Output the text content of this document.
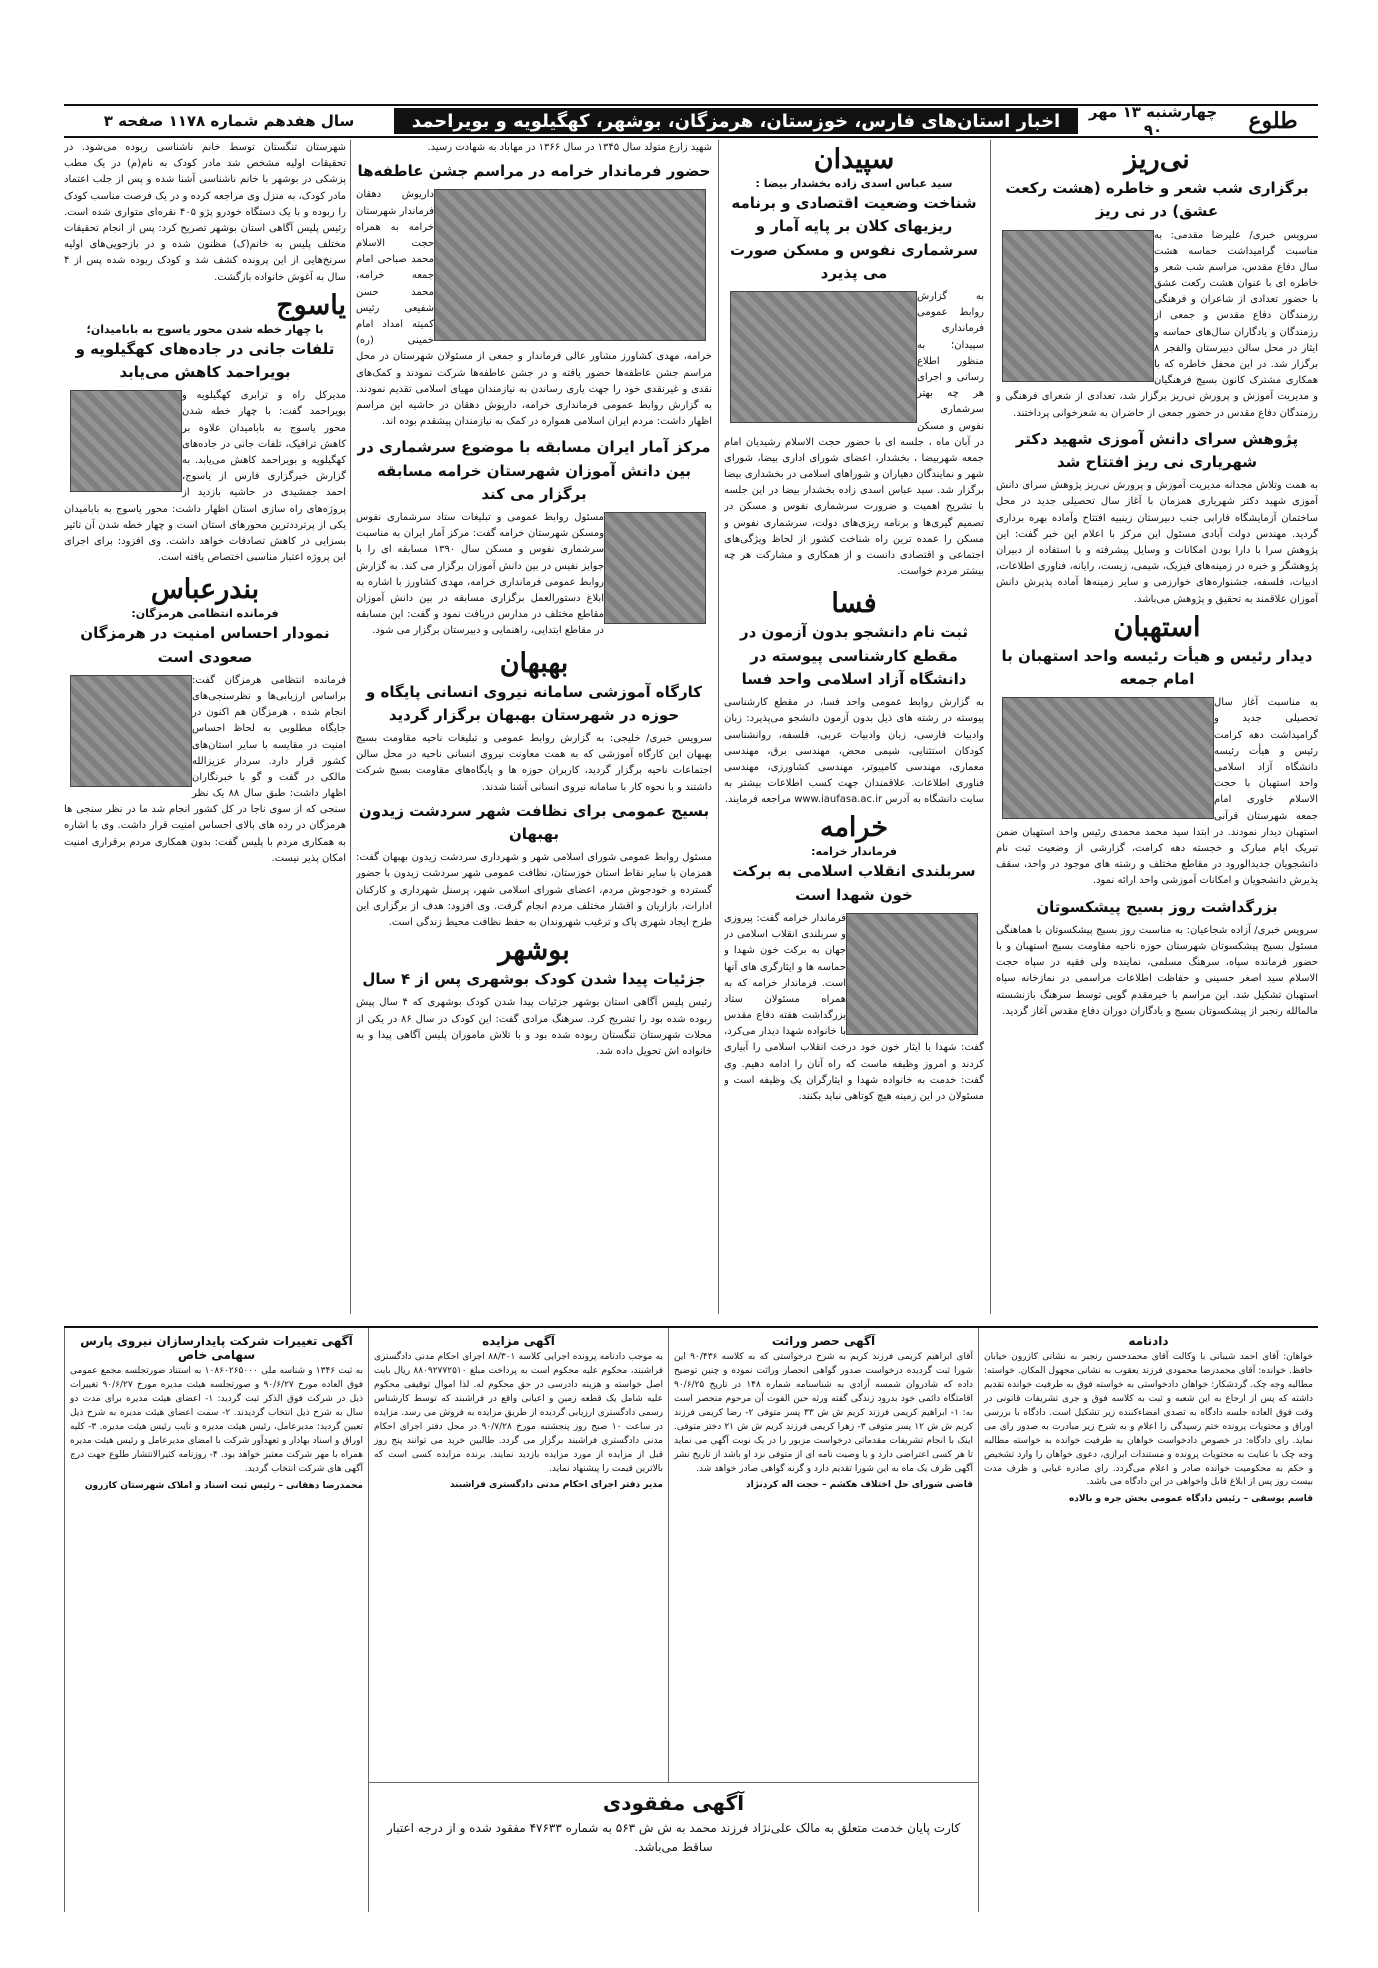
طلوع
چهارشنبه ۱۳ مهر ۹۰
اخبار استان‌های فارس، خوزستان، هرمزگان، بوشهر، کهگیلویه و بویراحمد
سال هفدهم شماره ۱۱۷۸ صفحه ۳
نی‌ریز
برگزاری شب شعر و خاطره (هشت رکعت عشق) در نی ریز

سرویس خبری/ علیرضا مقدمی: به مناسبت گرامیداشت حماسه هشت سال دفاع مقدس، مراسم شب شعر و خاطره ای با عنوان هشت رکعت عشق با حضور تعدادی از شاعران و فرهنگی رزمندگان دفاع مقدس و جمعی از رزمندگان و یادگاران سال‌های حماسه و ایثار در محل سالن دبیرستان والفجر ۸ برگزار شد. در این محفل خاطره که با همکاری مشترک کانون بسیج فرهنگیان و مدیریت آموزش و پرورش نی‌ریز برگزار شد، تعدادی از شعرای فرهنگی و رزمندگان دفاع مقدس در حضور جمعی از حاضران به شعرخوانی پرداختند.

پژوهش سرای دانش آموزی شهید دکتر شهریاری نی ریز افتتاح شد

به همت وتلاش مجدانه مدیریت آموزش و پرورش نی‌ریز پژوهش سرای دانش آموزی شهید دکتر شهریاری همزمان با آغاز سال تحصیلی جدید در محل ساختمان آزمایشگاه فارابی جنب دبیرستان زینبیه افتتاح وآماده بهره برداری گردید. مهندس دولت آبادی مسئول این مرکز با اعلام این خبر گفت: این پژوهش سرا با دارا بودن امکانات و وسایل پیشرفته و با استفاده از دبیران پژوهشگر و خبره در زمینه‌های فیزیک، شیمی، زیست، رایانه، فناوری اطلاعات، ادبیات، فلسفه، جشنواره‌های خوارزمی و سایر زمینه‌ها آماده پذیرش دانش آموزان علاقمند به تحقیق و پژوهش می‌باشد.

استهبان
دیدار رئیس و هیأت رئیسه واحد استهبان با امام جمعه

به مناسبت آغاز سال تحصیلی جدید و گرامیداشت دهه کرامت رئیس و هیأت رئیسه دانشگاه آزاد اسلامی واحد استهبان با حجت الاسلام خاوری امام جمعه شهرستان قرآنی استهبان دیدار نمودند. در ابتدا سید محمد محمدی رئیس واحد استهبان ضمن تبریک ایام مبارک و خجسته دهه کرامت، گزارشی از وضعیت ثبت نام دانشجویان جدیدالورود در مقاطع مختلف و رشته های موجود در واحد، سقف پذیرش دانشجویان و امکانات آموزشی واحد ارائه نمود.

بزرگداشت روز بسیج پیشکسوتان

سرویس خبری/ آزاده شجاعیان: به مناسبت روز بسیج پیشکسوتان با هماهنگی مسئول بسیج پیشکسوتان شهرستان حوزه ناحیه مقاومت بسیج استهبان و با حضور فرمانده سپاه، سرهنگ مسلمی، نماینده ولی فقیه در سپاه حجت الاسلام سید اصغر حسینی و حفاظت اطلاعات مراسمی در نمازخانه سپاه استهبان تشکیل شد. این مراسم با خیرمقدم گویی توسط سرهنگ بازنشسته مالمالله رنجبر از پیشکسوتان بسیج و یادگاران دوران دفاع مقدس آغاز گردید.

سپیدان
سید عباس اسدی زاده بخشدار بیضا :
شناخت وضعیت اقتصادی و برنامه ریزیهای کلان بر پایه آمار و سرشماری نفوس و مسکن صورت می پذیرد

به گزارش روابط عمومی فرمانداری سپیدان؛ به منظور اطلاع رسانی و اجرای هر چه بهتر سرشماری نفوس و مسکن در آبان ماه ، جلسه ای با حضور حجت الاسلام رشیدیان امام جمعه شهربیضا ، بخشدار، اعضای شورای اداری بیضا، شورای شهر و نمایندگان دهیاران و شوراهای اسلامی در بخشداری بیضا برگزار شد. سید عباس اسدی زاده بخشدار بیضا در این جلسه با تشریح اهمیت و ضرورت سرشماری نفوس و مسکن در تصمیم گیری‌ها و برنامه ریزی‌های دولت، سرشماری نفوس و مسکن را عمده ترین راه شناخت کشور از لحاظ ویژگی‌های اجتماعی و اقتصادی دانست و از همکاری و مشارکت هر چه بیشتر مردم خواست.

فسا
ثبت نام دانشجو بدون آزمون در مقطع کارشناسی پیوسته در دانشگاه آزاد اسلامی واحد فسا

به گزارش روابط عمومی واحد فسا، در مقطع کارشناسی پیوسته در رشته های ذیل بدون آزمون دانشجو می‌پذیرد: زبان وادبیات فارسی، زبان وادبیات عربی، فلسفه، روانشناسی کودکان استثنایی، شیمی محض، مهندسی برق، مهندسی معماری، مهندسی کامپیوتر، مهندسی کشاورزی، مهندسی فناوری اطلاعات. علاقمندان جهت کسب اطلاعات بیشتر به سایت دانشگاه به آدرس www.iaufasa.ac.ir مراجعه فرمایند.

خرامه
فرماندار خرامه:
سربلندی انقلاب اسلامی به برکت خون شهدا است

فرماندار خرامه گفت: پیروزی و سربلندی انقلاب اسلامی در جهان به برکت خون شهدا و حماسه ها و ایثارگری های آنها است. فرماندار خرامه که به همراه مسئولان ستاد بزرگداشت هفته دفاع مقدس با خانواده شهدا دیدار می‌کرد، گفت: شهدا با ایثار خون خود درخت انقلاب اسلامی را آبیاری کردند و امروز وظیفه ماست که راه آنان را ادامه دهیم. وی گفت: خدمت به خانواده شهدا و ایثارگران یک وظیفه است و مسئولان در این زمینه هیچ کوتاهی نباید بکنند.

شهید زارع متولد سال ۱۳۴۵ در سال ۱۳۶۶ در مهاباد به شهادت رسید.

حضور فرماندار خرامه در مراسم جشن عاطفه‌ها

داریوش دهقان فرماندار شهرستان خرامه به همراه حجت الاسلام محمد صباحی امام جمعه خرامه، محمد حسن شفیعی رئیس کمیته امداد امام خمینی (ره) خرامه، مهدی کشاورز مشاور عالی فرماندار و جمعی از مسئولان شهرستان در محل مراسم جشن عاطفه‌ها حضور یافته و در جشن عاطفه‌ها شرکت نمودند و کمک‌های نقدی و غیرنقدی خود را جهت یاری رساندن به نیازمندان مهیای اسلامی تقدیم نمودند. به گزارش روابط عمومی فرمانداری خرامه، داریوش دهقان در حاشیه این مراسم اظهار داشت: مردم ایران اسلامی همواره در کمک به نیازمندان پیشقدم بوده اند.

مرکز آمار ایران مسابقه با موضوع سرشماری در بین دانش آموزان شهرستان خرامه مسابقه برگزار می کند

مسئول روابط عمومی و تبلیغات ستاد سرشماری نفوس ومسکن شهرستان خرامه گفت: مرکز آمار ایران به مناسبت سرشماری نفوس و مسکن سال ۱۳۹۰ مسابقه ای را با جوایز نفیس در بین دانش آموزان برگزار می کند. به گزارش روابط عمومی فرمانداری خرامه، مهدی کشاورز با اشاره به ابلاغ دستورالعمل برگزاری مسابقه در بین دانش آموزان مقاطع مختلف در مدارس دریافت نمود و گفت: این مسابقه در مقاطع ابتدایی، راهنمایی و دبیرستان برگزار می شود.

بهبهان
کارگاه آموزشی سامانه نیروی انسانی پایگاه و حوزه در شهرستان بهبهان برگزار گردید

سرویس خبری/ خلیجی: به گزارش روابط عمومی و تبلیغات ناحیه مقاومت بسیج بهبهان این کارگاه آموزشی که به همت معاونت نیروی انسانی ناحیه در محل سالن اجتماعات ناحیه برگزار گردید، کاربران حوزه ها و پایگاه‌های مقاومت بسیج شرکت داشتند و با نحوه کار با سامانه نیروی انسانی آشنا شدند.

بسیج عمومی برای نظافت شهر سردشت زیدون بهبهان

مسئول روابط عمومی شورای اسلامی شهر و شهرداری سردشت زیدون بهبهان گفت: همزمان با سایر نقاط استان خوزستان، نظافت عمومی شهر سردشت زیدون با حضور گسترده و خودجوش مردم، اعضای شورای اسلامی شهر، پرسنل شهرداری و کارکنان ادارات، بازاریان و اقشار مختلف مردم انجام گرفت. وی افزود: هدف از برگزاری این طرح ایجاد شهری پاک و ترغیب شهروندان به حفظ نظافت محیط زندگی است.

بوشهر
جزئیات پیدا شدن کودک بوشهری پس از ۴ سال

رئیس پلیس آگاهی استان بوشهر جزئیات پیدا شدن کودک بوشهری که ۴ سال پیش ربوده شده بود را تشریح کرد. سرهنگ مرادی گفت: این کودک در سال ۸۶ در یکی از محلات شهرستان تنگستان ربوده شده بود و با تلاش ماموران پلیس آگاهی پیدا و به خانواده اش تحویل داده شد.

شهرستان تنگستان توسط خانم ناشناسی ربوده می‌شود. در تحقیقات اولیه مشخص شد مادر کودک به نام(م) در یک مطب پزشکی در بوشهر با خانم ناشناسی آشنا شده و پس از جلب اعتماد مادر کودک، به منزل وی مراجعه کرده و در یک فرصت مناسب کودک را ربوده و با یک دستگاه خودرو پژو ۴۰۵ نقره‌ای متواری شده است. رئیس پلیس آگاهی استان بوشهر تصریح کرد: پس از انجام تحقیقات مختلف پلیس به خانم(ک) مظنون شده و در بازجویی‌های اولیه سرنخ‌هایی از این پرونده کشف شد و کودک ربوده شده پس از ۴ سال به آغوش خانواده بازگشت.

یاسوج
با چهار خطه شدن محور یاسوج به بابامیدان؛
تلفات جانی در جاده‌های کهگیلویه و بویراحمد کاهش می‌یابد

مدیرکل راه و ترابری کهگیلویه و بویراحمد گفت: با چهار خطه شدن محور یاسوج به بابامیدان علاوه بر کاهش ترافیک، تلفات جانی در جاده‌های کهگیلویه و بویراحمد کاهش می‌یابد. به گزارش خبرگزاری فارس از یاسوج، احمد جمشیدی در حاشیه بازدید از پروژه‌های راه سازی استان اظهار داشت: محور یاسوج به بابامیدان یکی از پرترددترین محورهای استان است و چهار خطه شدن آن تاثیر بسزایی در کاهش تصادفات خواهد داشت. وی افزود: برای اجرای این پروژه اعتبار مناسبی اختصاص یافته است.

بندرعباس
فرمانده انتظامی هرمزگان:
نمودار احساس امنیت در هرمزگان صعودی است

فرمانده انتظامی هرمزگان گفت: براساس ارزیابی‌ها و نظرسنجی‌های انجام شده ، هرمزگان هم اکنون در جایگاه مطلوبی به لحاظ احساس امنیت در مقایسه با سایر استان‌های کشور قرار دارد. سردار عزیزالله مالکی در گفت و گو با خبرنگاران اظهار داشت: طبق سال ۸۸ یک نظر سنجی که از سوی ناجا در کل کشور انجام شد ما در نظر سنجی ها هرمزگان در رده های بالای احساس امنیت قرار داشت. وی با اشاره به همکاری مردم با پلیس گفت: بدون همکاری مردم برقراری امنیت امکان پذیر نیست.

دادنامه
خواهان: آقای احمد شیبانی با وکالت آقای محمدحسن رنجبر به نشانی کازرون خیابان حافظ. خوانده: آقای محمدرضا محمودی فرزند یعقوب به نشانی مجهول المکان. خواسته: مطالبه وجه چک. گردشکار: خواهان دادخواستی به خواسته فوق به طرفیت خوانده تقدیم داشته که پس از ارجاع به این شعبه و ثبت به کلاسه فوق و جری تشریفات قانونی در وقت فوق العاده جلسه دادگاه به تصدی امضاءکننده زیر تشکیل است. دادگاه با بررسی اوراق و محتویات پرونده ختم رسیدگی را اعلام و به شرح زیر مبادرت به صدور رای می نماید. رای دادگاه: در خصوص دادخواست خواهان به طرفیت خوانده به خواسته مطالبه وجه چک با عنایت به محتویات پرونده و مستندات ابرازی، دعوی خواهان را وارد تشخیص و حکم به محکومیت خوانده صادر و اعلام می‌گردد. رای صادره غیابی و ظرف مدت بیست روز پس از ابلاغ قابل واخواهی در این دادگاه می باشد.
قاسم یوسفی – رئیس دادگاه عمومی بخش جره و بالاده
آگهی حصر وراثت
آقای ابراهیم کریمی فرزند کریم به شرح درخواستی که به کلاسه ۹۰/۴۳۶ این شورا ثبت گردیده درخواست صدور گواهی انحصار وراثت نموده و چنین توضیح داده که شادروان شمسه آزادی به شناسنامه شماره ۱۴۸ در تاریخ ۹۰/۶/۲۵ اقامتگاه دائمی خود بدرود زندگی گفته ورثه حین الفوت آن مرحوم منحصر است به: ۱- ابراهیم کریمی فرزند کریم ش ش ۳۳ پسر متوفی ۲- رضا کریمی فرزند کریم ش ش ۱۲ پسر متوفی ۳- زهرا کریمی فرزند کریم ش ش ۲۱ دختر متوفی. اینک با انجام تشریفات مقدماتی درخواست مزبور را در یک نوبت آگهی می نماید تا هر کسی اعتراضی دارد و یا وصیت نامه ای از متوفی نزد او باشد از تاریخ نشر آگهی ظرف یک ماه به این شورا تقدیم دارد و گرنه گواهی صادر خواهد شد.
قاضی شورای حل اختلاف هکشم – حجت اله کردنژاد
آگهی مزایده
به موجب دادنامه پرونده اجرایی کلاسه ۸۸/۳۰۱ اجرای احکام مدنی دادگستری فراشبند، محکوم علیه محکوم است به پرداخت مبلغ ۸۸۰۹۲۷۷۲۵۱۰ ریال بابت اصل خواسته و هزینه دادرسی در حق محکوم له. لذا اموال توقیفی محکوم علیه شامل یک قطعه زمین و اعیانی واقع در فراشبند که توسط کارشناس رسمی دادگستری ارزیابی گردیده از طریق مزایده به فروش می رسد. مزایده در ساعت ۱۰ صبح روز پنجشنبه مورخ ۹۰/۷/۲۸ در محل دفتر اجرای احکام مدنی دادگستری فراشبند برگزار می گردد. طالبین خرید می توانند پنج روز قبل از مزایده از مورد مزایده بازدید نمایند. برنده مزایده کسی است که بالاترین قیمت را پیشنهاد نماید.
مدیر دفتر اجرای احکام مدنی دادگستری فراشبند
آگهی تغییرات شرکت پایدارسازان نیروی پارس سهامی خاص
به ثبت ۱۳۴۶ و شناسه ملی ۱۰۸۶۰۲۶۵۰۰۰ به استناد صورتجلسه مجمع عمومی فوق العاده مورخ ۹۰/۶/۲۷ و صورتجلسه هیئت مدیره مورخ ۹۰/۶/۲۷ تغییرات ذیل در شرکت فوق الذکر ثبت گردید: ۱- اعضای هیئت مدیره برای مدت دو سال به شرح ذیل انتخاب گردیدند. ۲- سمت اعضای هیئت مدیره به شرح ذیل تعیین گردید: مدیرعامل، رئیس هیئت مدیره و نایب رئیس هیئت مدیره. ۳- کلیه اوراق و اسناد بهادار و تعهدآور شرکت با امضای مدیرعامل و رئیس هیئت مدیره همراه با مهر شرکت معتبر خواهد بود. ۴- روزنامه کثیرالانتشار طلوع جهت درج آگهی های شرکت انتخاب گردید.
محمدرضا دهقانی – رئیس ثبت اسناد و املاک شهرستان کازرون
آگهی مفقودی
کارت پایان خدمت متعلق به مالک علی‌نژاد فرزند محمد به ش ش ۵۶۳ به شماره ۴۷۶۳۳ مفقود شده و از درجه اعتبار ساقط می‌باشد.
